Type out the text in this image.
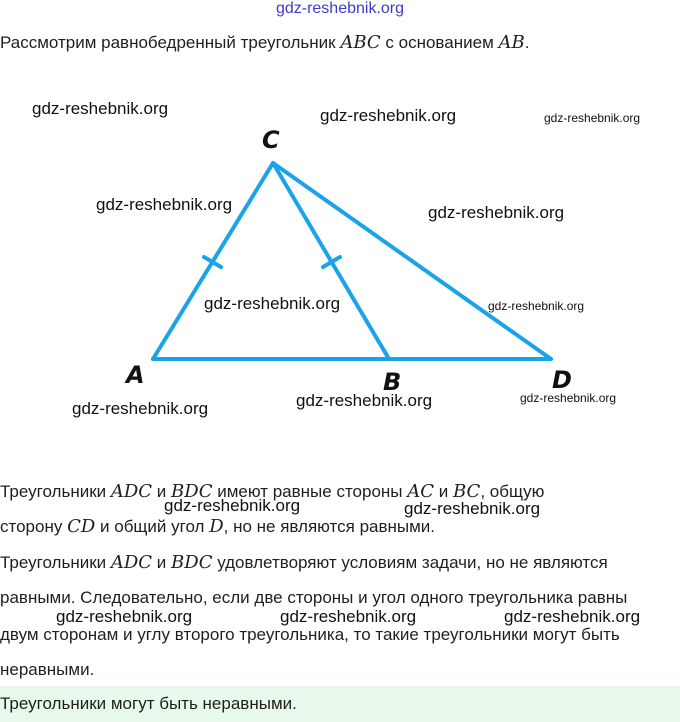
gdz-reshebnik.org
Рассмотрим равнобедренный треугольник ABC с основанием AB.
C
A	B	D
gdz-reshebnik.org	gdz-reshebnik.org	gdz-reshebnik.org
gdz-reshebnik.org	gdz-reshebnik.org
gdz-reshebnik.org	gdz-reshebnik.org
gdz-reshebnik.org	gdz-reshebnik.org	gdz-reshebnik.org
Треугольники ADC и BDC имеют равные стороны AC и BC, общую
сторону CD и общий угол D, но не являются равными.
Треугольники ADC и BDC удовлетворяют условиям задачи, но не являются
равными. Следовательно, если две стороны и угол одного треугольника равны
двум сторонам и углу второго треугольника, то такие треугольники могут быть
неравными.
gdz-reshebnik.org	gdz-reshebnik.org
gdz-reshebnik.org	gdz-reshebnik.org	gdz-reshebnik.org
Треугольники могут быть неравными.
